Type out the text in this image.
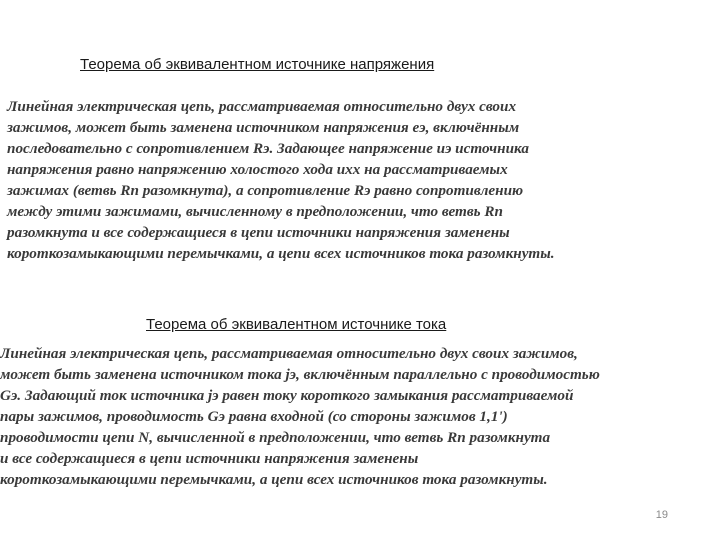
Теорема об эквивалентном источнике напряжения
Линейная электрическая цепь, рассматриваемая относительно двух своих
зажимов, может быть заменена источником напряжения eэ, включённым
последовательно с сопротивлением Rэ. Задающее напряжение uэ источника
напряжения равно напряжению холостого хода uxx на рассматриваемых
зажимах (ветвь Rп разомкнута), а сопротивление Rэ равно сопротивлению
между этими зажимами, вычисленному в предположении, что ветвь Rп
разомкнута и все содержащиеся в цепи источники напряжения заменены
короткозамыкающими перемычками, а цепи всех источников тока разомкнуты.
Теорема об эквивалентном источнике тока
Линейная электрическая цепь, рассматриваемая относительно двух своих зажимов,
может быть заменена источником тока jэ, включённым параллельно с проводимостью
Gэ. Задающий ток источника jэ равен току короткого замыкания рассматриваемой
пары зажимов, проводимость Gэ равна входной (со стороны зажимов 1,1')
проводимости цепи N, вычисленной в предположении, что ветвь Rп разомкнута
и все содержащиеся в цепи источники напряжения заменены
короткозамыкающими перемычками, а цепи всех источников тока разомкнуты.
19
